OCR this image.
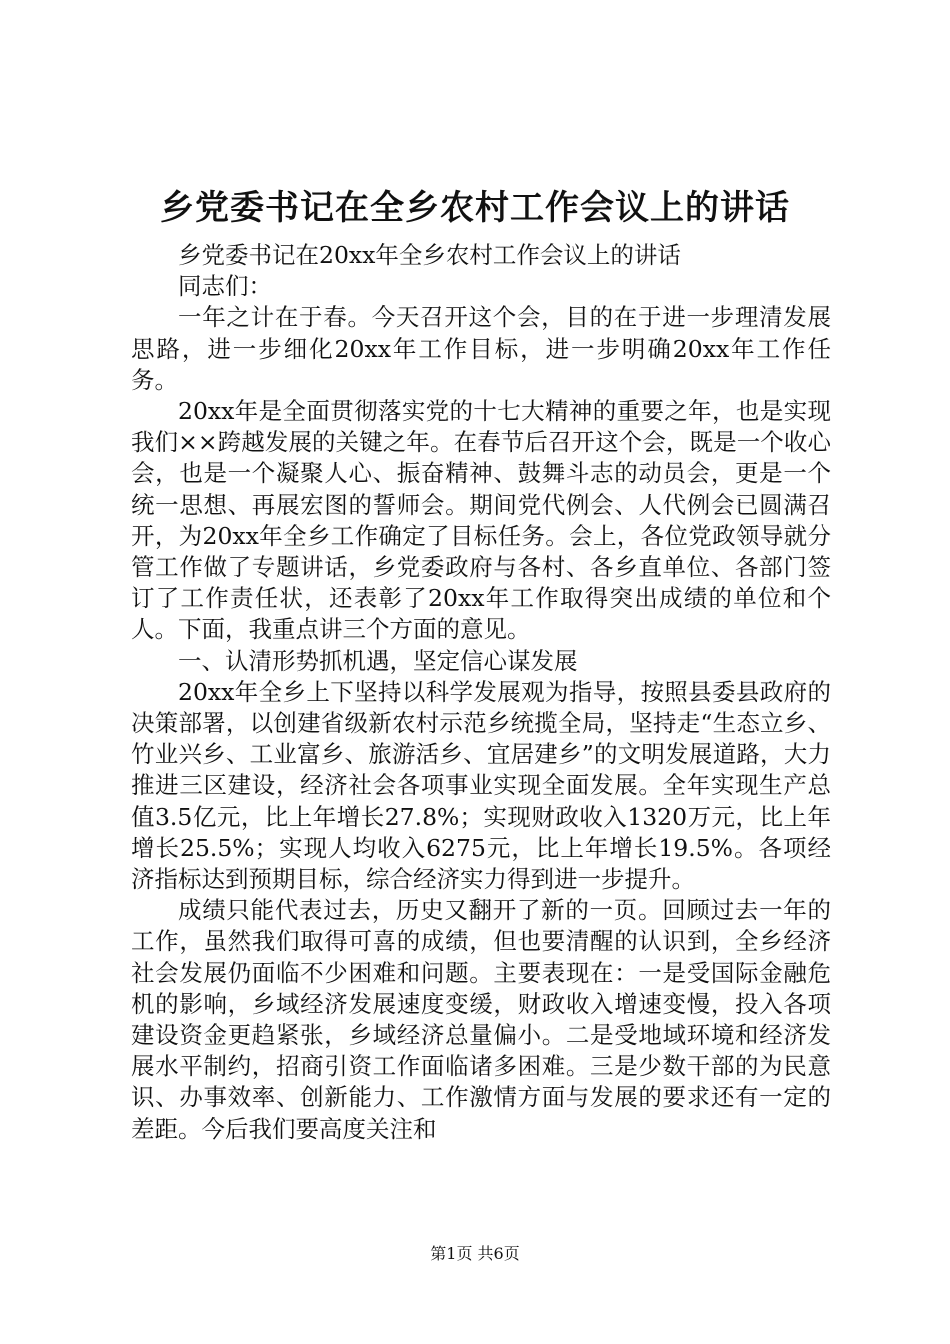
乡党委书记在全乡农村工作会议上的讲话

乡党委书记在20xx年全乡农村工作会议上的讲话

同志们：

一年之计在于春。今天召开这个会，目的在于进一步理清发展思路，进一步细化20xx年工作目标，进一步明确20xx年工作任务。

20xx年是全面贯彻落实党的十七大精神的重要之年，也是实现我们××跨越发展的关键之年。在春节后召开这个会，既是一个收心会，也是一个凝聚人心、振奋精神、鼓舞斗志的动员会，更是一个统一思想、再展宏图的誓师会。期间党代例会、人代例会已圆满召开，为20xx年全乡工作确定了目标任务。会上，各位党政领导就分管工作做了专题讲话，乡党委政府与各村、各乡直单位、各部门签订了工作责任状，还表彰了20xx年工作取得突出成绩的单位和个人。下面，我重点讲三个方面的意见。

一、认清形势抓机遇，坚定信心谋发展

20xx年全乡上下坚持以科学发展观为指导，按照县委县政府的决策部署，以创建省级新农村示范乡统揽全局，坚持走“生态立乡、竹业兴乡、工业富乡、旅游活乡、宜居建乡”的文明发展道路，大力推进三区建设，经济社会各项事业实现全面发展。全年实现生产总值3.5亿元，比上年增长27.8%；实现财政收入1320万元，比上年增长25.5%；实现人均收入6275元，比上年增长19.5%。各项经济指标达到预期目标，综合经济实力得到进一步提升。

成绩只能代表过去，历史又翻开了新的一页。回顾过去一年的工作，虽然我们取得可喜的成绩，但也要清醒的认识到，全乡经济社会发展仍面临不少困难和问题。主要表现在：一是受国际金融危机的影响，乡域经济发展速度变缓，财政收入增速变慢，投入各项建设资金更趋紧张，乡域经济总量偏小。二是受地域环境和经济发展水平制约，招商引资工作面临诸多困难。三是少数干部的为民意识、办事效率、创新能力、工作激情方面与发展的要求还有一定的差距。今后我们要高度关注和

第1页 共6页
